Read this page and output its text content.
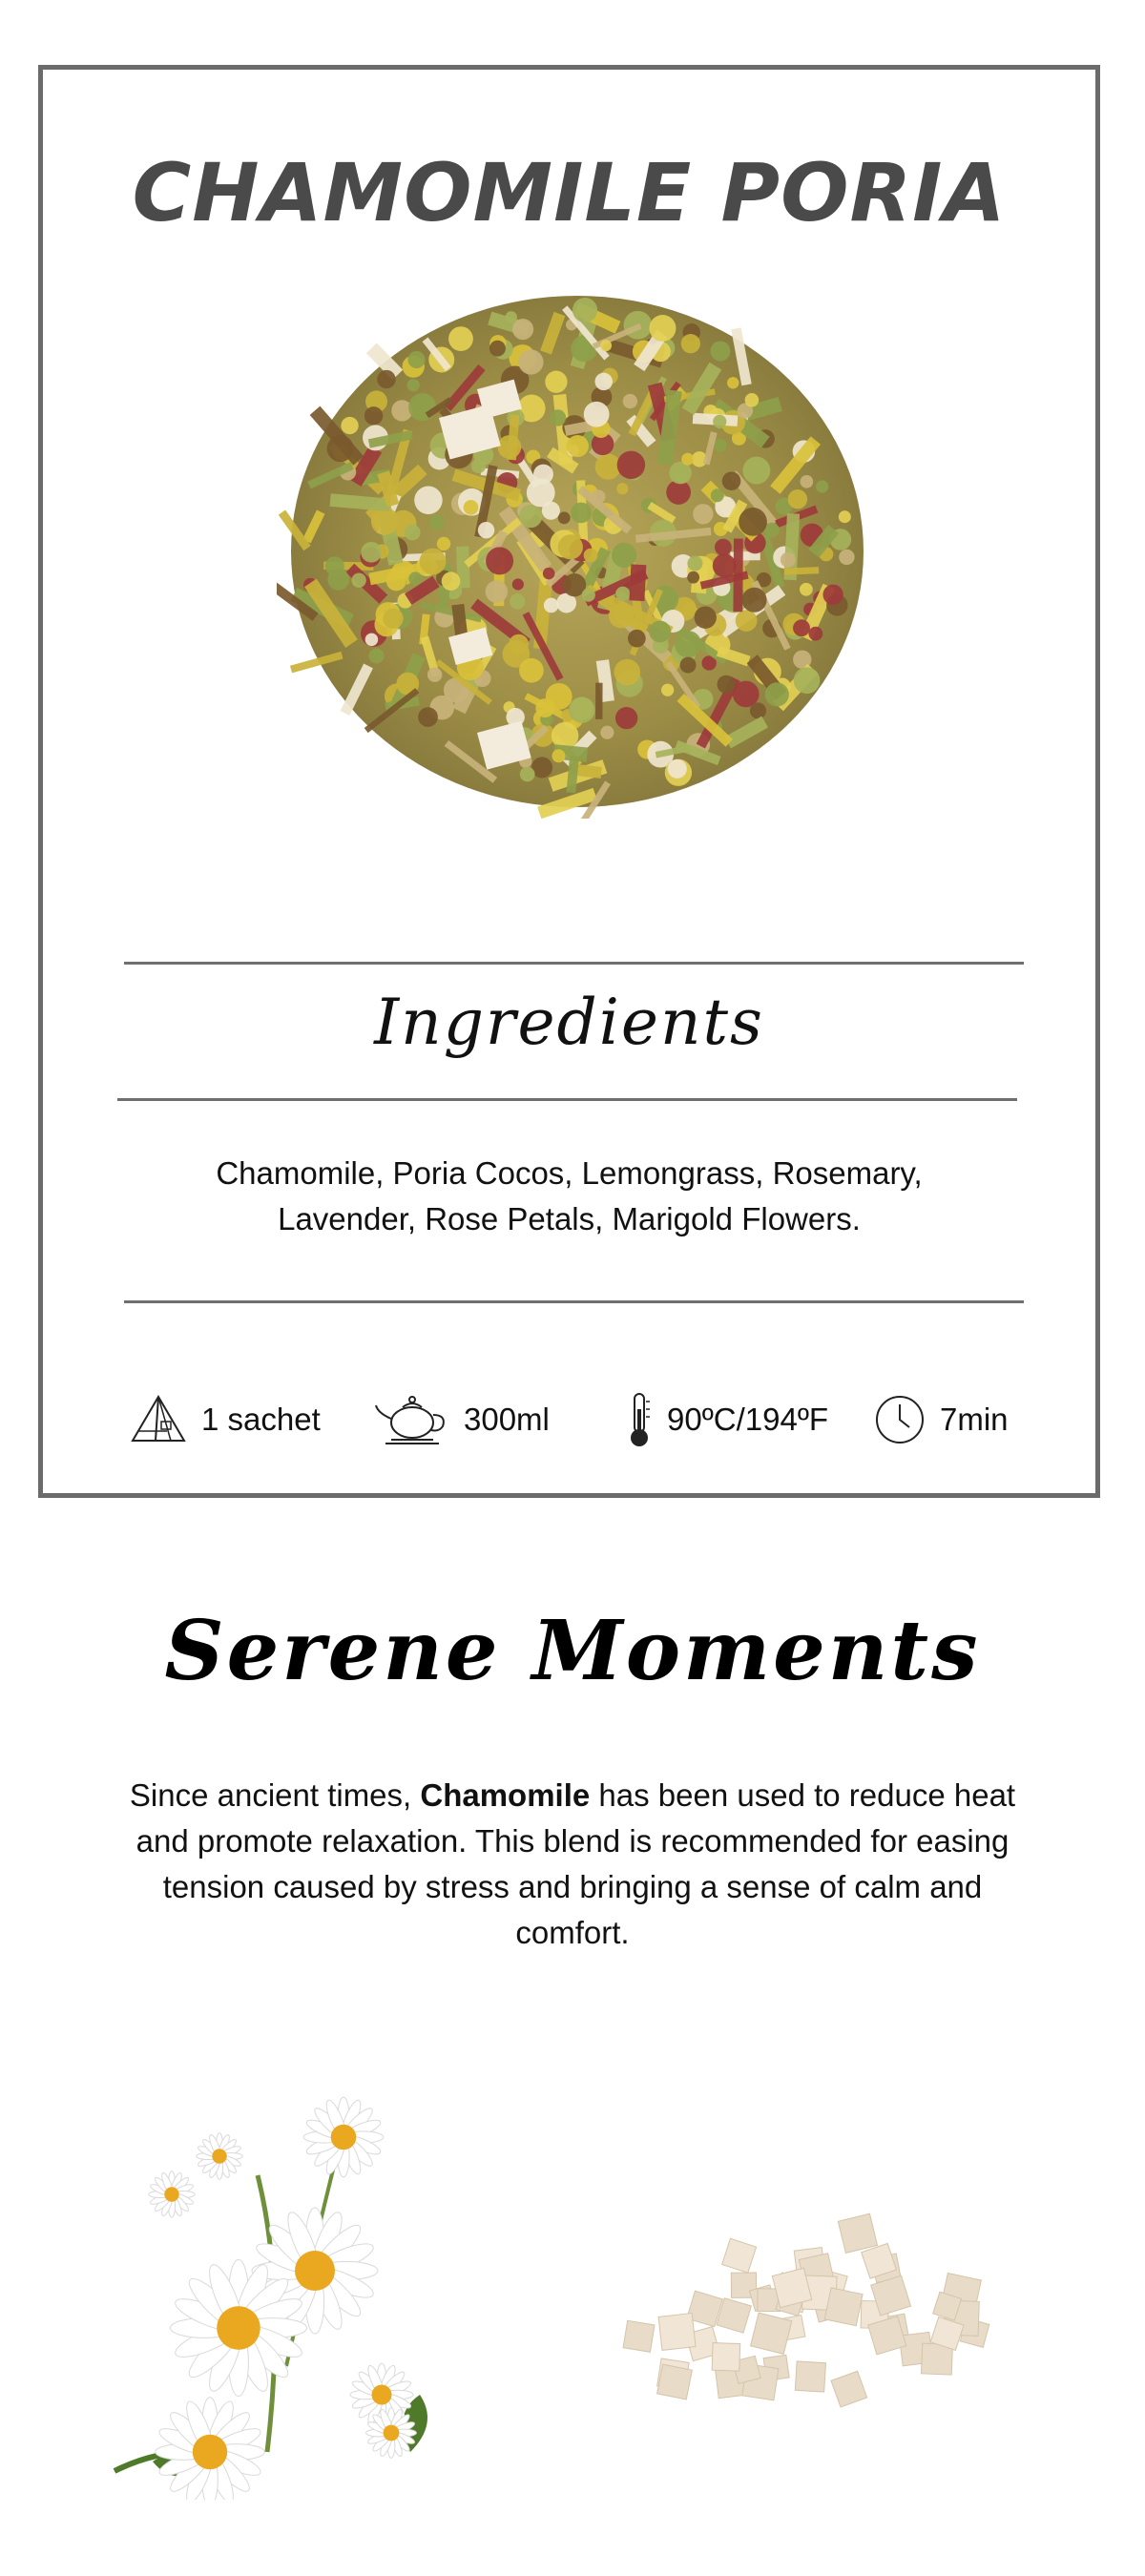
CHAMOMILE PORIA
Ingredients
Chamomile, Poria Cocos, Lemongrass, Rosemary,
Lavender, Rose Petals, Marigold Flowers.
1 sachet	300ml	90ºC/194ºF	7min
Serene Moments
Since ancient times, Chamomile has been used to reduce heat and promote relaxation. This blend is recommended for easing tension caused by stress and bringing a sense of calm and comfort.
